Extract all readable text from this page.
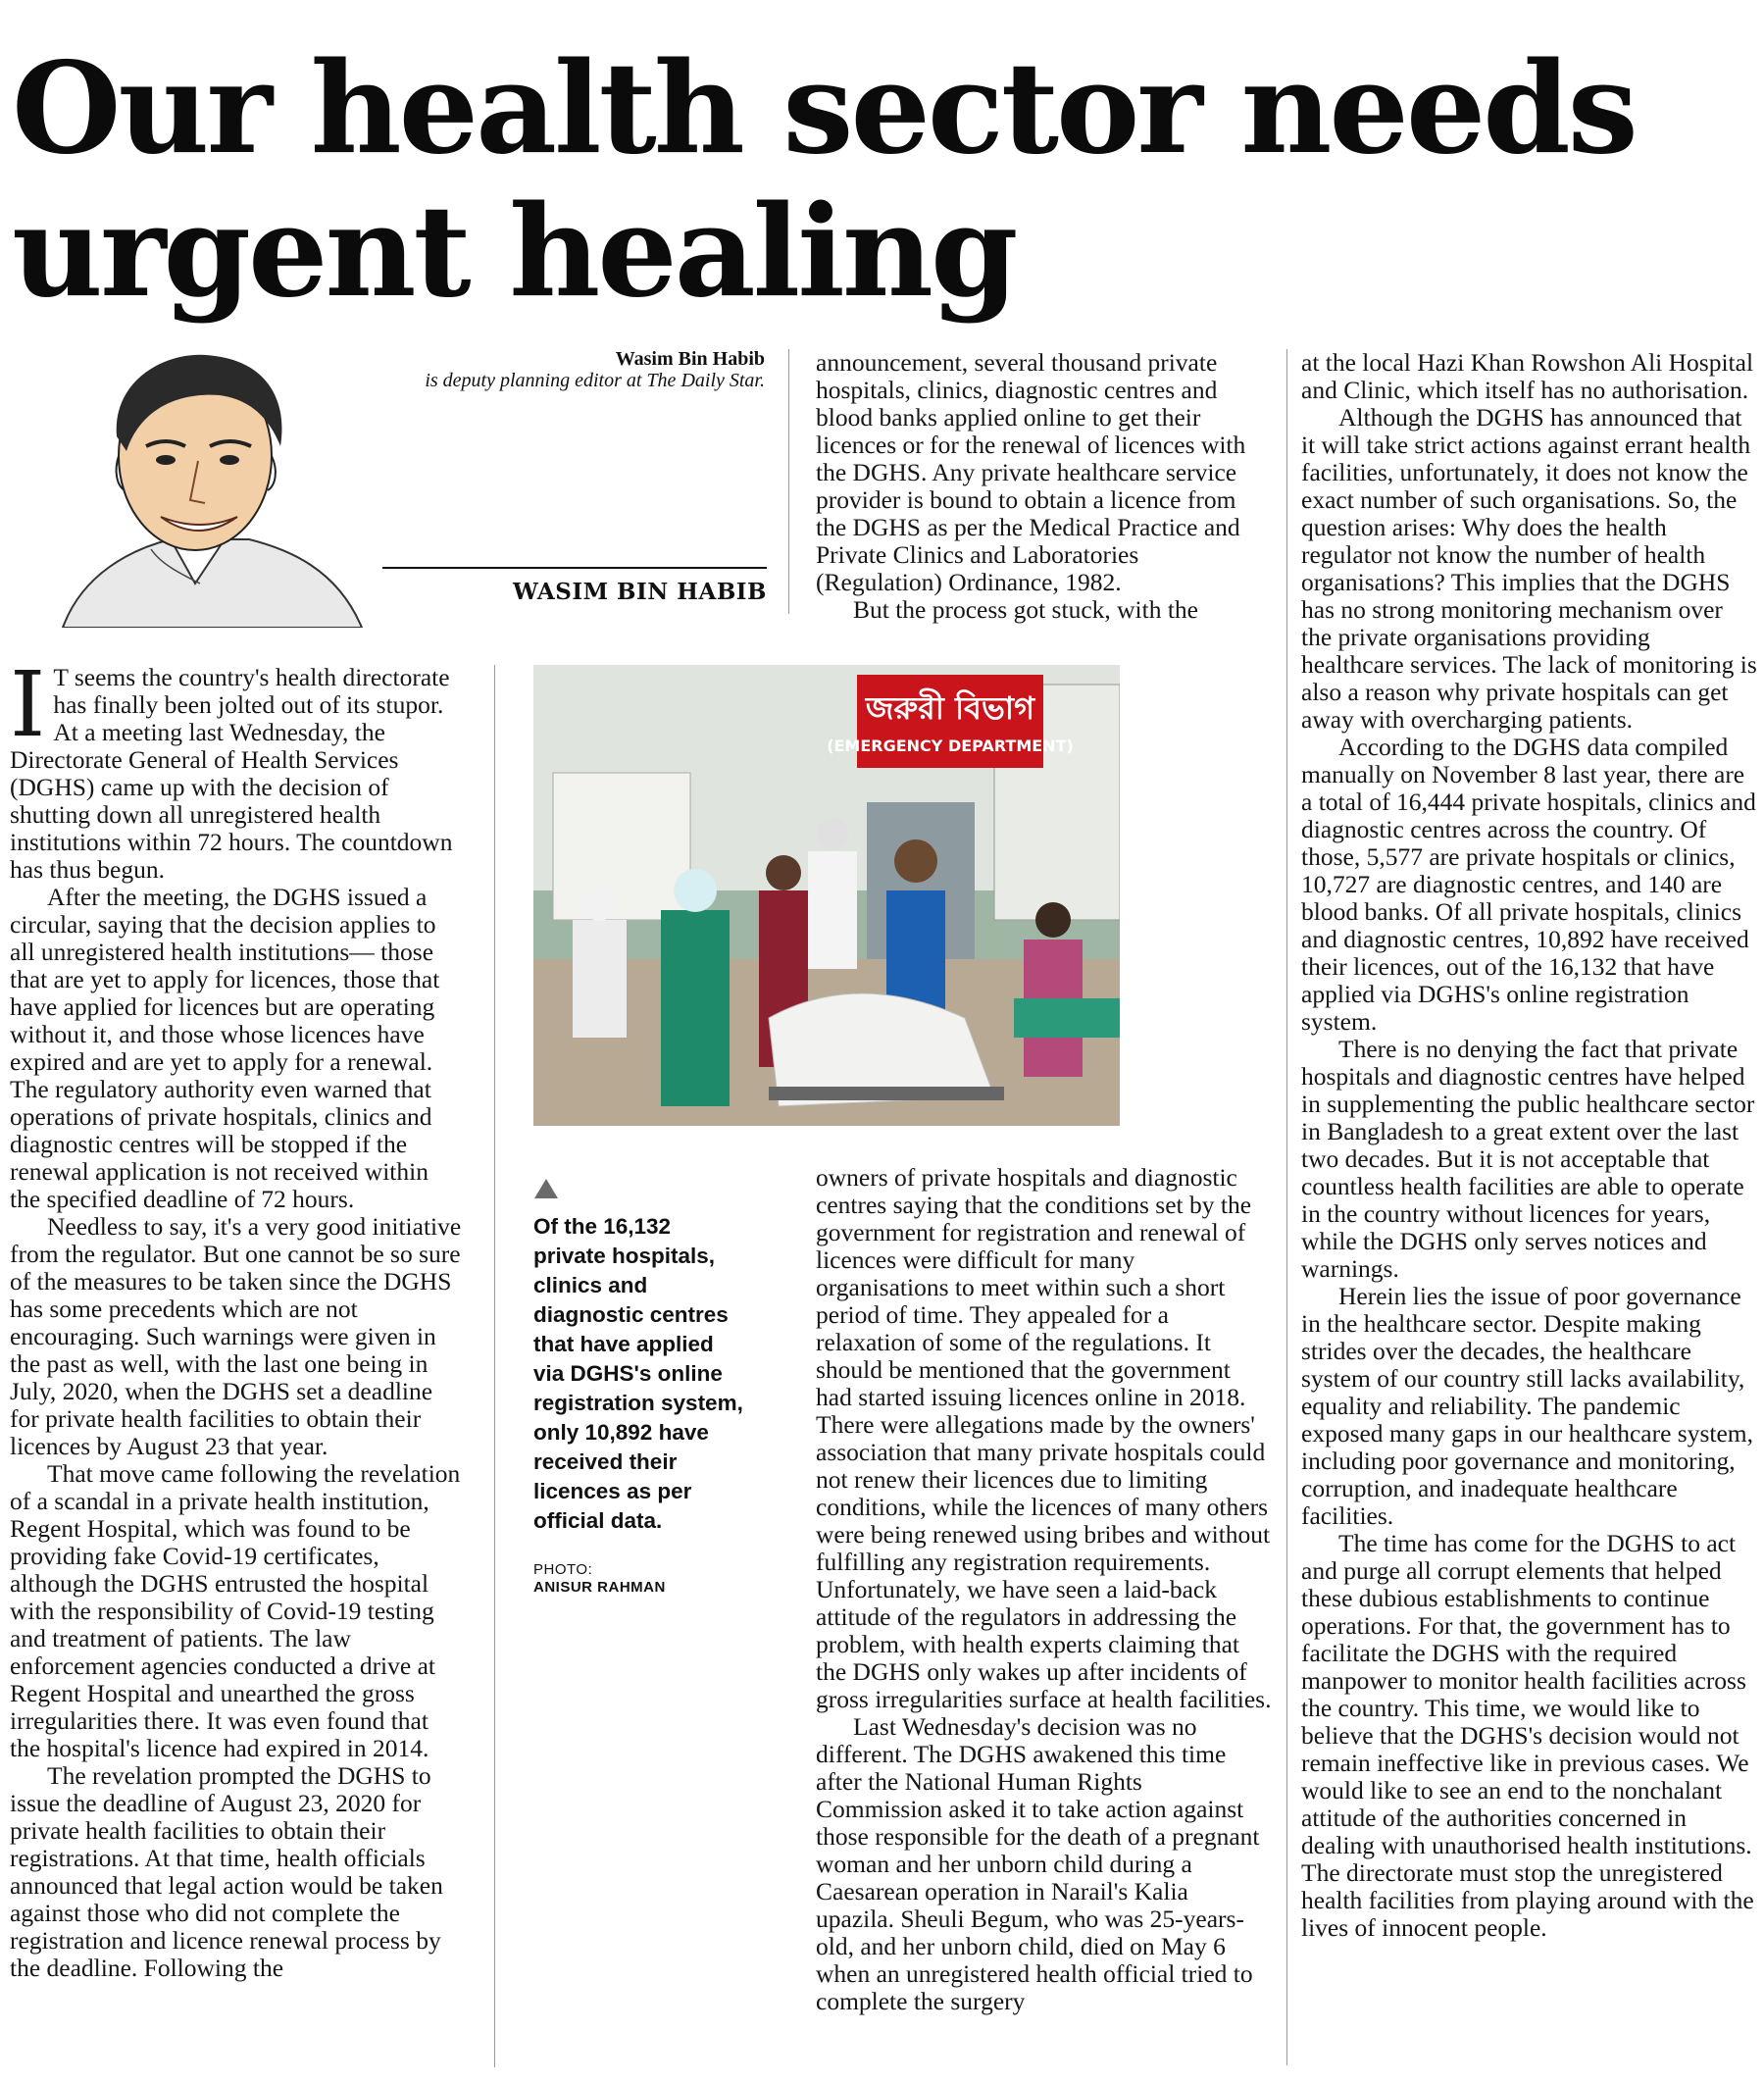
Our health sector needs urgent healing
Wasim Bin Habib
is deputy planning editor at The Daily Star.
WASIM BIN HABIB
I T seems the country's health directorate has finally been jolted out of its stupor. At a meeting last Wednesday, the Directorate General of Health Services (DGHS) came up with the decision of shutting down all unregistered health institutions within 72 hours. The countdown has thus begun.

After the meeting, the DGHS issued a circular, saying that the decision applies to all unregistered health institutions— those that are yet to apply for licences, those that have applied for licences but are operating without it, and those whose licences have expired and are yet to apply for a renewal. The regulatory authority even warned that operations of private hospitals, clinics and diagnostic centres will be stopped if the renewal application is not received within the specified deadline of 72 hours.

Needless to say, it's a very good initiative from the regulator. But one cannot be so sure of the measures to be taken since the DGHS has some precedents which are not encouraging. Such warnings were given in the past as well, with the last one being in July, 2020, when the DGHS set a deadline for private health facilities to obtain their licences by August 23 that year.

That move came following the revelation of a scandal in a private health institution, Regent Hospital, which was found to be providing fake Covid-19 certificates, although the DGHS entrusted the hospital with the responsibility of Covid-19 testing and treatment of patients. The law enforcement agencies conducted a drive at Regent Hospital and unearthed the gross irregularities there. It was even found that the hospital's licence had expired in 2014.

The revelation prompted the DGHS to issue the deadline of August 23, 2020 for private health facilities to obtain their registrations. At that time, health officials announced that legal action would be taken against those who did not complete the registration and licence renewal process by the deadline. Following the

announcement, several thousand private hospitals, clinics, diagnostic centres and blood banks applied online to get their licences or for the renewal of licences with the DGHS. Any private healthcare service provider is bound to obtain a licence from the DGHS as per the Medical Practice and Private Clinics and Laboratories (Regulation) Ordinance, 1982.

But the process got stuck, with the

জরুরী বিভাগ
(EMERGENCY DEPARTMENT)
Of the 16,132 private hospitals, clinics and diagnostic centres that have applied via DGHS's online registration system, only 10,892 have received their licences as per official data.
PHOTO:
ANISUR RAHMAN

owners of private hospitals and diagnostic centres saying that the conditions set by the government for registration and renewal of licences were difficult for many organisations to meet within such a short period of time. They appealed for a relaxation of some of the regulations. It should be mentioned that the government had started issuing licences online in 2018. There were allegations made by the owners' association that many private hospitals could not renew their licences due to limiting conditions, while the licences of many others were being renewed using bribes and without fulfilling any registration requirements. Unfortunately, we have seen a laid-back attitude of the regulators in addressing the problem, with health experts claiming that the DGHS only wakes up after incidents of gross irregularities surface at health facilities.

Last Wednesday's decision was no different. The DGHS awakened this time after the National Human Rights Commission asked it to take action against those responsible for the death of a pregnant woman and her unborn child during a Caesarean operation in Narail's Kalia upazila. Sheuli Begum, who was 25-years-old, and her unborn child, died on May 6 when an unregistered health official tried to complete the surgery

at the local Hazi Khan Rowshon Ali Hospital and Clinic, which itself has no authorisation.

Although the DGHS has announced that it will take strict actions against errant health facilities, unfortunately, it does not know the exact number of such organisations. So, the question arises: Why does the health regulator not know the number of health organisations? This implies that the DGHS has no strong monitoring mechanism over the private organisations providing healthcare services. The lack of monitoring is also a reason why private hospitals can get away with overcharging patients.

According to the DGHS data compiled manually on November 8 last year, there are a total of 16,444 private hospitals, clinics and diagnostic centres across the country. Of those, 5,577 are private hospitals or clinics, 10,727 are diagnostic centres, and 140 are blood banks. Of all private hospitals, clinics and diagnostic centres, 10,892 have received their licences, out of the 16,132 that have applied via DGHS's online registration system.

There is no denying the fact that private hospitals and diagnostic centres have helped in supplementing the public healthcare sector in Bangladesh to a great extent over the last two decades. But it is not acceptable that countless health facilities are able to operate in the country without licences for years, while the DGHS only serves notices and warnings.

Herein lies the issue of poor governance in the healthcare sector. Despite making strides over the decades, the healthcare system of our country still lacks availability, equality and reliability. The pandemic exposed many gaps in our healthcare system, including poor governance and monitoring, corruption, and inadequate healthcare facilities.

The time has come for the DGHS to act and purge all corrupt elements that helped these dubious establishments to continue operations. For that, the government has to facilitate the DGHS with the required manpower to monitor health facilities across the country. This time, we would like to believe that the DGHS's decision would not remain ineffective like in previous cases. We would like to see an end to the nonchalant attitude of the authorities concerned in dealing with unauthorised health institutions. The directorate must stop the unregistered health facilities from playing around with the lives of innocent people.
